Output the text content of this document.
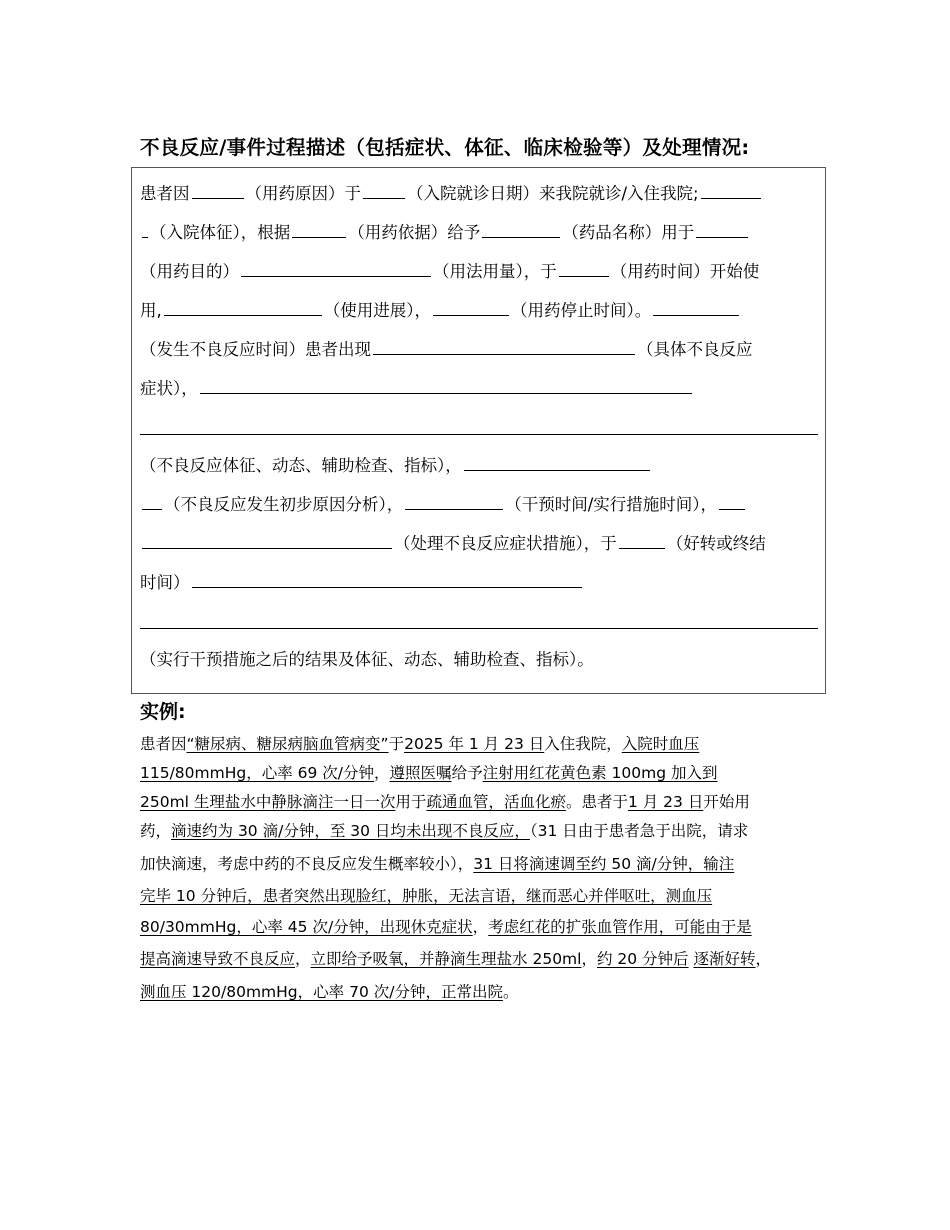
不良反应/事件过程描述（包括症状、体征、临床检验等）及处理情况:
患者因	（用药原因）于	（入院就诊日期）来我院就诊/入住我院;
（入院体征），根据	（用药依据）给予	（药品名称）用于
（用药目的）	（用法用量），于	（用药时间）开始使
用,	（使用进展），	（用药停止时间）。
（发生不良反应时间）患者出现	（具体不良反应
症状），
（不良反应体征、动态、辅助检查、指标），
（不良反应发生初步原因分析），	（干预时间/实行措施时间），
（处理不良反应症状措施），于	（好转或终结
时间）
（实行干预措施之后的结果及体征、动态、辅助检查、指标）。
实例:
患者因“糖尿病、糖尿病脑血管病变”于2025 年 1 月 23 日入住我院，入院时血压
115/80mmHg，心率 69 次/分钟，遵照医嘱给予注射用红花黄色素 100mg 加入到
250ml 生理盐水中静脉滴注一日一次用于疏通血管，活血化瘀。患者于1 月 23 日开始用
药，滴速约为 30 滴/分钟，至 30 日均未出现不良反应，（31 日由于患者急于出院，请求
加快滴速，考虑中药的不良反应发生概率较小），31 日将滴速调至约 50 滴/分钟，输注
完毕 10 分钟后，患者突然出现脸红，肿胀，无法言语，继而恶心并伴呕吐，测血压
80/30mmHg，心率 45 次/分钟，出现休克症状，考虑红花的扩张血管作用，可能由于是
提高滴速导致不良反应，立即给予吸氧，并静滴生理盐水 250ml，约 20 分钟后 逐渐好转，
测血压 120/80mmHg，心率 70 次/分钟，正常出院。
